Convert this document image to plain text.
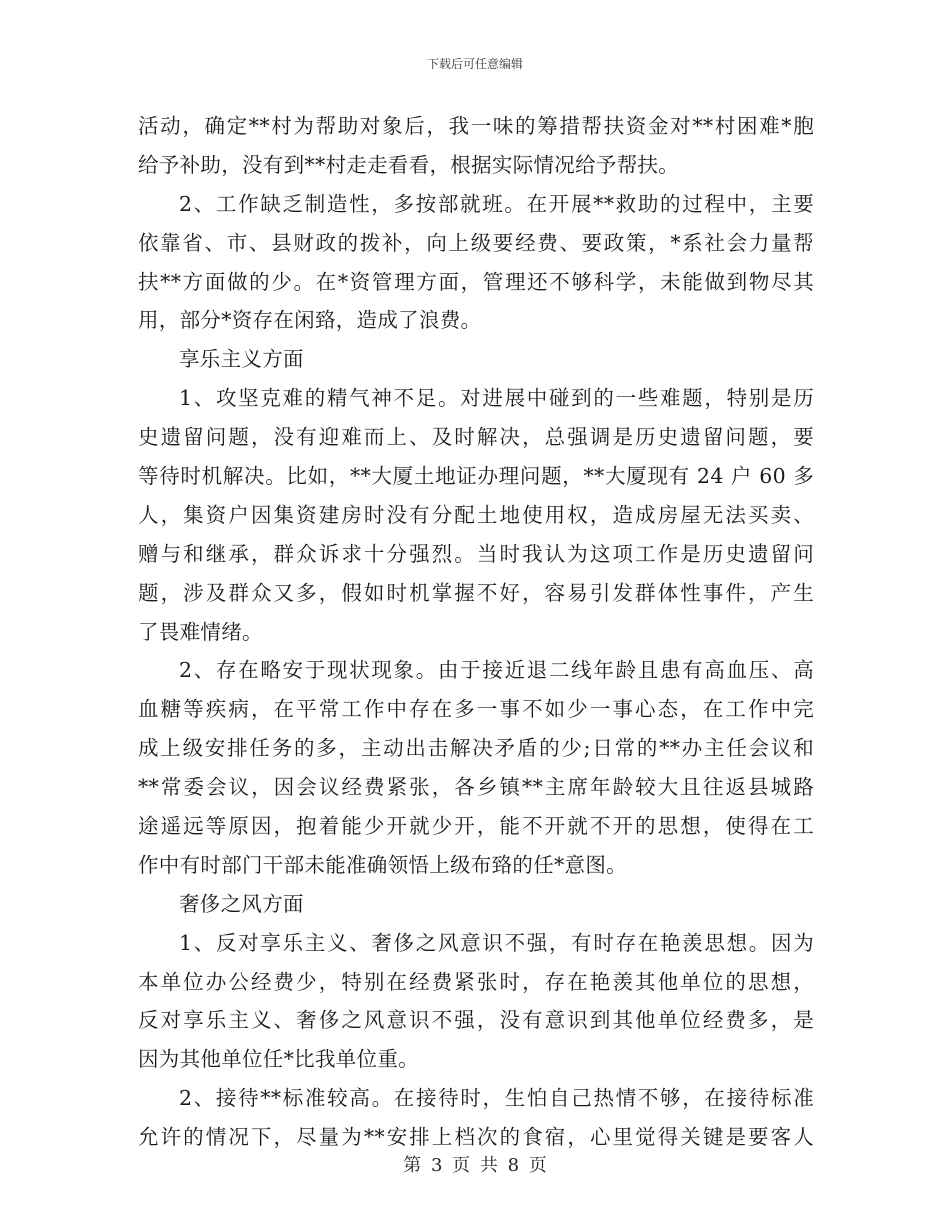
下载后可任意编辑
活动，确定**村为帮助对象后，我一味的筹措帮扶资金对**村困难*胞
给予补助，没有到**村走走看看，根据实际情况给予帮扶。
2、工作缺乏制造性，多按部就班。在开展**救助的过程中，主要
依靠省、市、县财政的拨补，向上级要经费、要政策，*系社会力量帮
扶**方面做的少。在*资管理方面，管理还不够科学，未能做到物尽其
用，部分*资存在闲臵，造成了浪费。
享乐主义方面
1、攻坚克难的精气神不足。对进展中碰到的一些难题，特别是历
史遗留问题，没有迎难而上、及时解决，总强调是历史遗留问题，要
等待时机解决。比如，**大厦土地证办理问题，**大厦现有 24 户 60 多
人，集资户因集资建房时没有分配土地使用权，造成房屋无法买卖、
赠与和继承，群众诉求十分强烈。当时我认为这项工作是历史遗留问
题，涉及群众又多，假如时机掌握不好，容易引发群体性事件，产生
了畏难情绪。
2、存在略安于现状现象。由于接近退二线年龄且患有高血压、高
血糖等疾病，在平常工作中存在多一事不如少一事心态，在工作中完
成上级安排任务的多，主动出击解决矛盾的少;日常的**办主任会议和
**常委会议，因会议经费紧张，各乡镇**主席年龄较大且往返县城路
途遥远等原因，抱着能少开就少开，能不开就不开的思想，使得在工
作中有时部门干部未能准确领悟上级布臵的任*意图。
奢侈之风方面
1、反对享乐主义、奢侈之风意识不强，有时存在艳羡思想。因为
本单位办公经费少，特别在经费紧张时，存在艳羡其他单位的思想，
反对享乐主义、奢侈之风意识不强，没有意识到其他单位经费多，是
因为其他单位任*比我单位重。
2、接待**标准较高。在接待时，生怕自己热情不够，在接待标准
允许的情况下，尽量为**安排上档次的食宿，心里觉得关键是要客人
第 3 页 共 8 页
